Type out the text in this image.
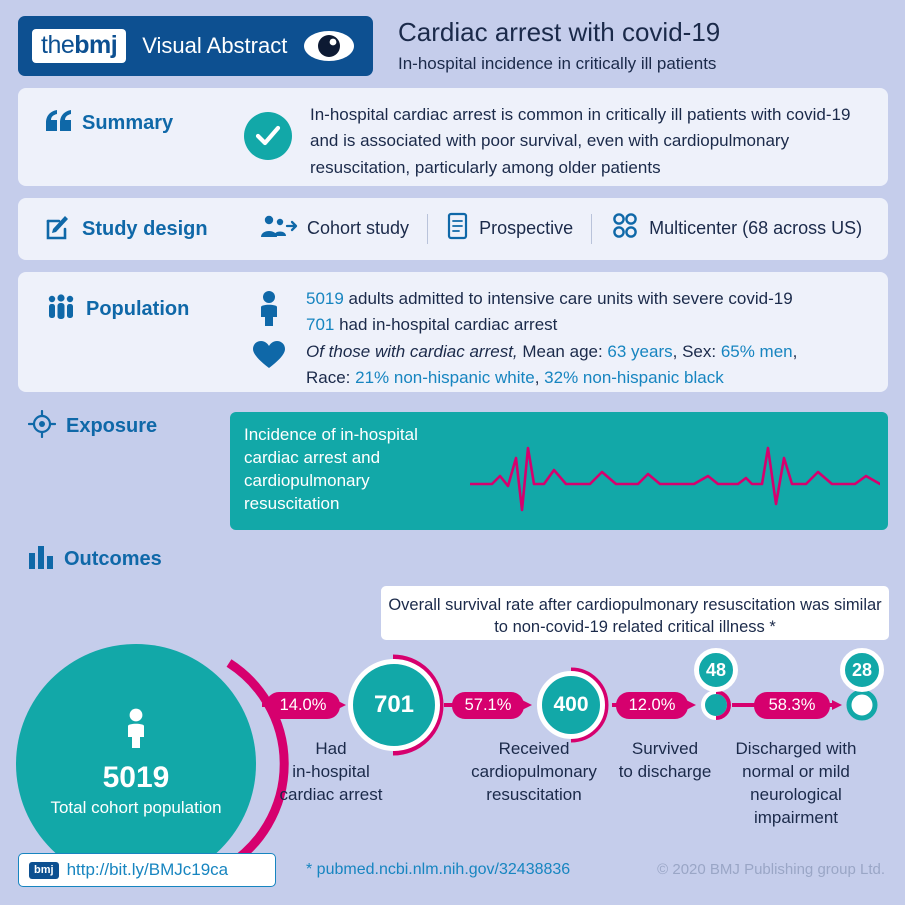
thebmj	Visual Abstract	Cardiac arrest with covid-19
In-hospital incidence in critically ill patients
Summary	In-hospital cardiac arrest is common in critically ill patients with covid-19 and is associated with poor survival, even with cardiopulmonary resuscitation, particularly among older patients
Study design	Cohort study	Prospective	Multicenter (68 across US)
Population	5019 adults admitted to intensive care units with severe covid-19
701 had in-hospital cardiac arrest
Of those with cardiac arrest, Mean age: 63 years, Sex: 65% men,
Race: 21% non-hispanic white, 32% non-hispanic black
Exposure	Incidence of in-hospital cardiac arrest and cardiopulmonary resuscitation
Outcomes
Overall survival rate after cardiopulmonary resuscitation was similar to non-covid-19 related critical illness *
5019
Total cohort population
14.0%	701
Had
in-hospital
cardiac arrest
57.1%	400
Received
cardiopulmonary
resuscitation
12.0%
48
Survived
to discharge
58.3%
28
Discharged with
normal or mild
neurological
impairment
bmj http://bit.ly/BMJc19ca	* pubmed.ncbi.nlm.nih.gov/32438836	© 2020 BMJ Publishing group Ltd.
